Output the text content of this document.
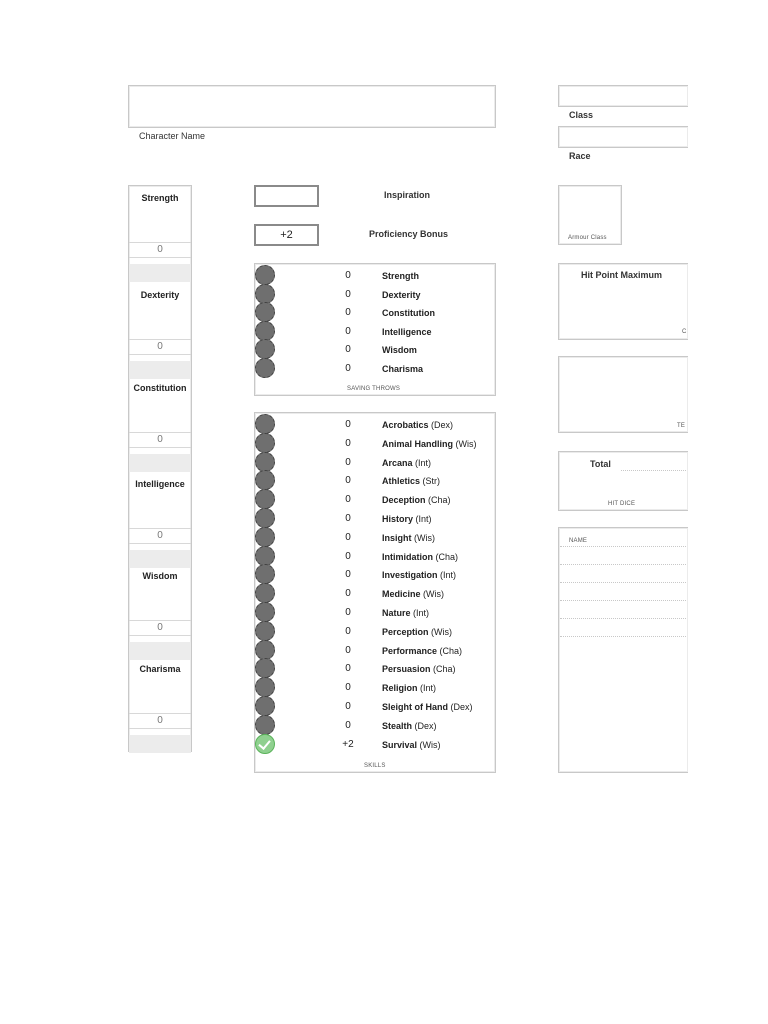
Character Name
Class
Race
Strength
0
Dexterity
0
Constitution
0
Intelligence
0
Wisdom
0
Charisma
0
Inspiration
+2	Proficiency Bonus
0	Strength
0	Dexterity
0	Constitution
0	Intelligence
0	Wisdom
0	Charisma
SAVING THROWS
0	Acrobatics (Dex)
0	Animal Handling (Wis)
0	Arcana (Int)
0	Athletics (Str)
0	Deception (Cha)
0	History (Int)
0	Insight (Wis)
0	Intimidation (Cha)
0	Investigation (Int)
0	Medicine (Wis)
0	Nature (Int)
0	Perception (Wis)
0	Performance (Cha)
0	Persuasion (Cha)
0	Religion (Int)
0	Sleight of Hand (Dex)
0	Stealth (Dex)
+2	Survival (Wis)
SKILLS
Armour Class
Hit Point Maximum
C
TE
Total
HIT DICE
NAME
